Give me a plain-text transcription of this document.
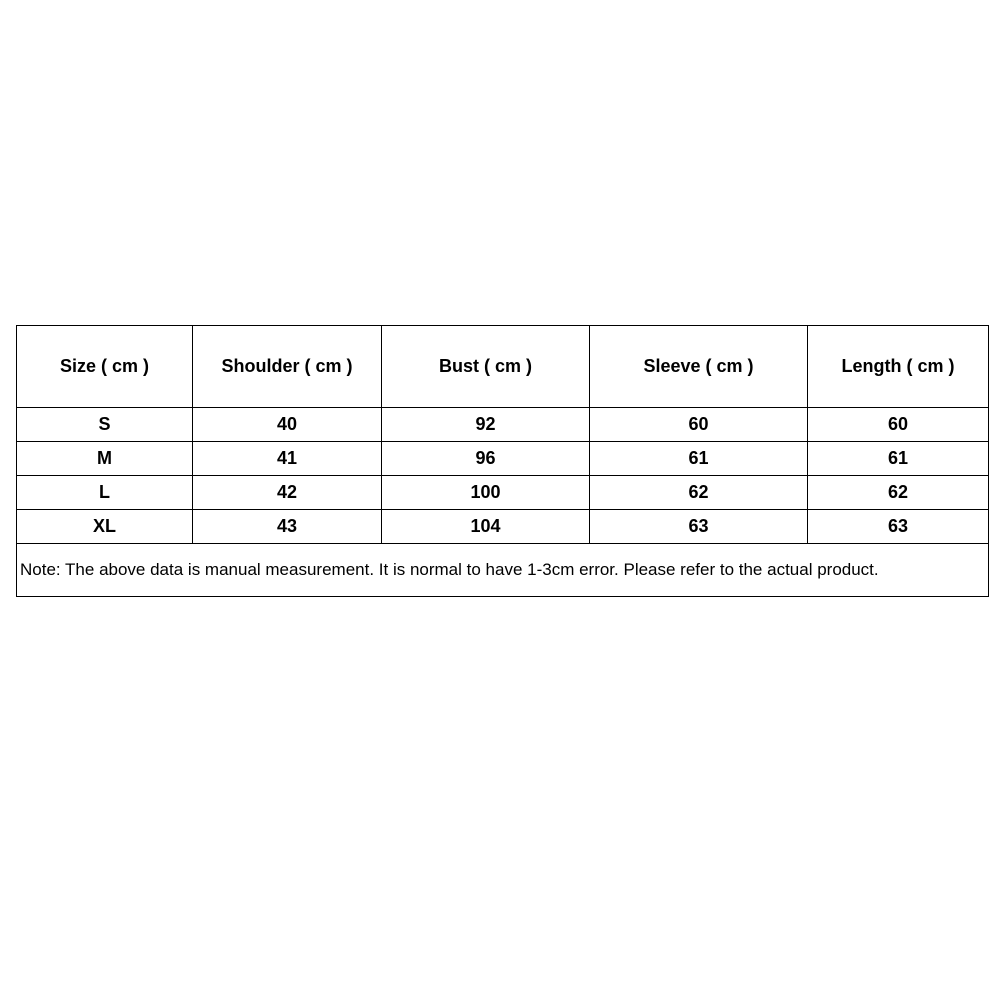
Size ( cm )	Shoulder ( cm )	Bust ( cm )	Sleeve ( cm )	Length ( cm )
S	40	92	60	60
M	41	96	61	61
L	42	100	62	62
XL	43	104	63	63
Note: The above data is manual measurement. It is normal to have 1-3cm error. Please refer to the actual product.				
